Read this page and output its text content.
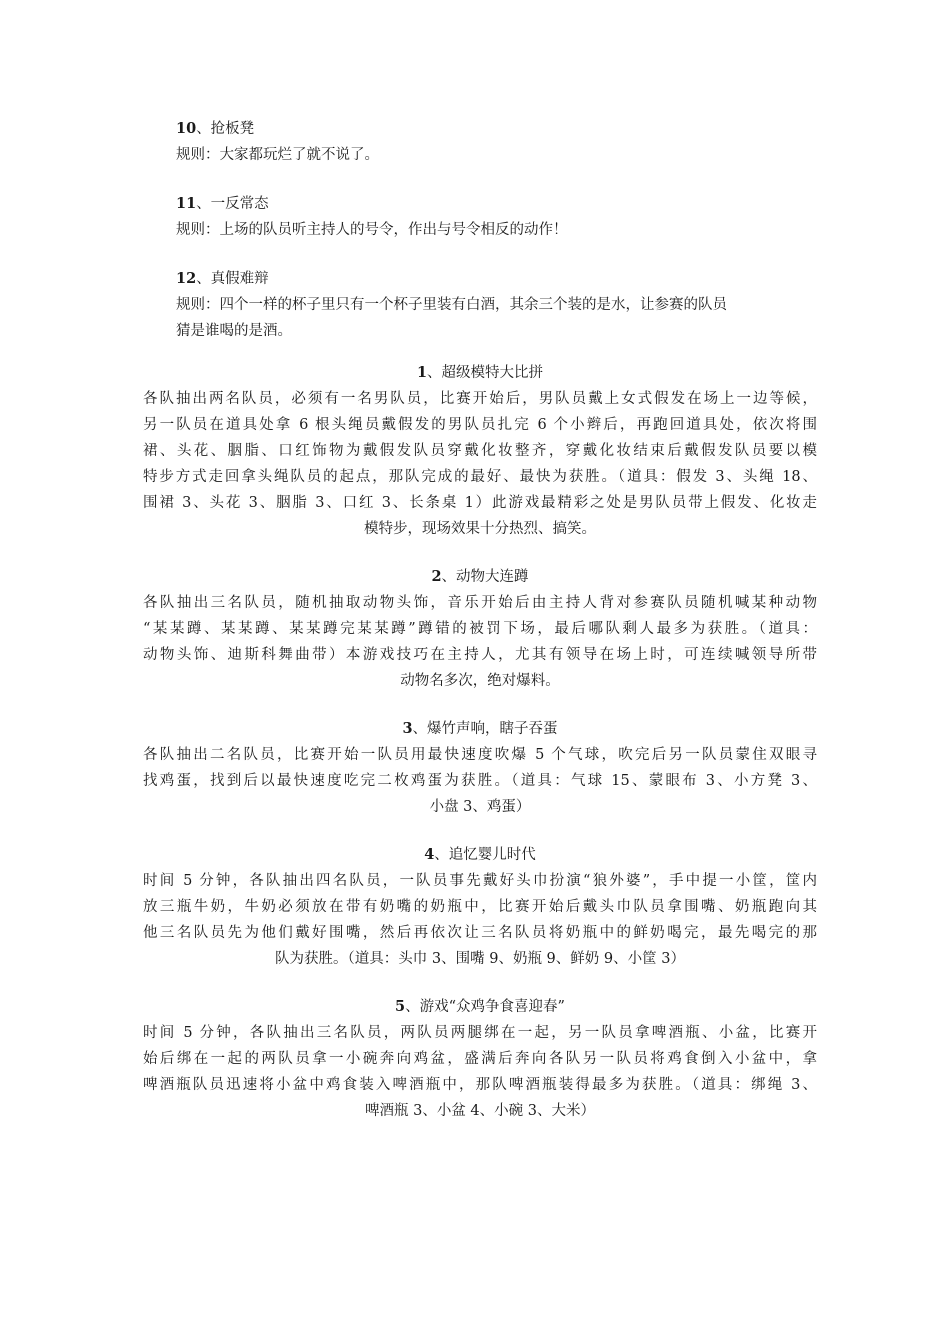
10、抢板凳
规则：大家都玩烂了就不说了。
11、一反常态
规则：上场的队员听主持人的号令，作出与号令相反的动作！
12、真假难辩
规则：四个一样的杯子里只有一个杯子里装有白酒，其余三个装的是水，让参赛的队员
猜是谁喝的是酒。
1、超级模特大比拼
各队抽出两名队员，必须有一名男队员，比赛开始后，男队员戴上女式假发在场上一边等候，
另一队员在道具处拿 6 根头绳员戴假发的男队员扎完 6 个小辫后，再跑回道具处，依次将围
裙、头花、胭脂、口红饰物为戴假发队员穿戴化妆整齐，穿戴化妆结束后戴假发队员要以模
特步方式走回拿头绳队员的起点，那队完成的最好、最快为获胜。（道具：假发 3、头绳 18、
围裙 3、头花 3、胭脂 3、口红 3、长条桌 1）此游戏最精彩之处是男队员带上假发、化妆走
模特步，现场效果十分热烈、搞笑。
2、动物大连蹲
各队抽出三名队员，随机抽取动物头饰，音乐开始后由主持人背对参赛队员随机喊某种动物
“某某蹲、某某蹲、某某蹲完某某蹲”蹲错的被罚下场，最后哪队剩人最多为获胜。（道具：
动物头饰、迪斯科舞曲带）本游戏技巧在主持人，尤其有领导在场上时，可连续喊领导所带
动物名多次，绝对爆料。
3、爆竹声响，瞎子吞蛋
各队抽出二名队员，比赛开始一队员用最快速度吹爆 5 个气球，吹完后另一队员蒙住双眼寻
找鸡蛋，找到后以最快速度吃完二枚鸡蛋为获胜。（道具：气球 15、蒙眼布 3、小方凳 3、
小盘 3、鸡蛋）
4、追忆婴儿时代
时间 5 分钟，各队抽出四名队员，一队员事先戴好头巾扮演“狼外婆”，手中提一小筐，筐内
放三瓶牛奶，牛奶必须放在带有奶嘴的奶瓶中，比赛开始后戴头巾队员拿围嘴、奶瓶跑向其
他三名队员先为他们戴好围嘴，然后再依次让三名队员将奶瓶中的鲜奶喝完，最先喝完的那
队为获胜。（道具：头巾 3、围嘴 9、奶瓶 9、鲜奶 9、小筐 3）
5、游戏“众鸡争食喜迎春”
时间 5 分钟，各队抽出三名队员，两队员两腿绑在一起，另一队员拿啤酒瓶、小盆，比赛开
始后绑在一起的两队员拿一小碗奔向鸡盆，盛满后奔向各队另一队员将鸡食倒入小盆中，拿
啤酒瓶队员迅速将小盆中鸡食装入啤酒瓶中，那队啤酒瓶装得最多为获胜。（道具：绑绳 3、
啤酒瓶 3、小盆 4、小碗 3、大米）
